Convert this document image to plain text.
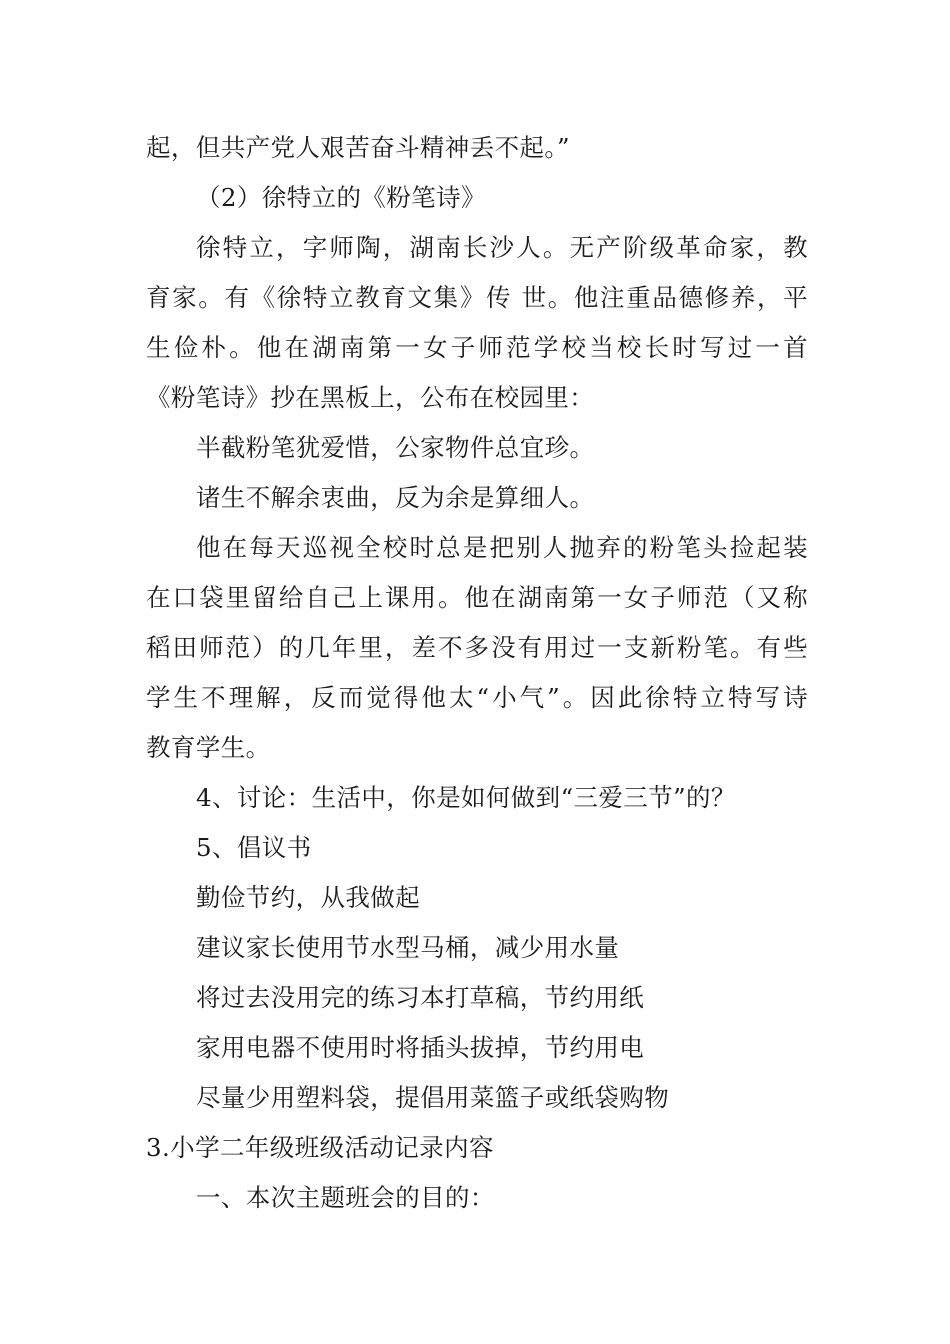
起，但共产党人艰苦奋斗精神丢不起。”
（2）徐特立的《粉笔诗》
徐特立，字师陶，湖南长沙人。无产阶级革命家，教
育家。有《徐特立教育文集》传 世。他注重品德修养，平
生俭朴。他在湖南第一女子师范学校当校长时写过一首
《粉笔诗》抄在黑板上，公布在校园里：
半截粉笔犹爱惜，公家物件总宜珍。
诸生不解余衷曲，反为余是算细人。
他在每天巡视全校时总是把别人抛弃的粉笔头捡起装
在口袋里留给自己上课用。他在湖南第一女子师范（又称
稻田师范）的几年里，差不多没有用过一支新粉笔。有些
学生不理解，反而觉得他太“小气”。因此徐特立特写诗
教育学生。
4、讨论：生活中，你是如何做到“三爱三节”的？
5、倡议书
勤俭节约，从我做起
建议家长使用节水型马桶，减少用水量
将过去没用完的练习本打草稿，节约用纸
家用电器不使用时将插头拔掉，节约用电
尽量少用塑料袋，提倡用菜篮子或纸袋购物
3.小学二年级班级活动记录内容
一、本次主题班会的目的：
